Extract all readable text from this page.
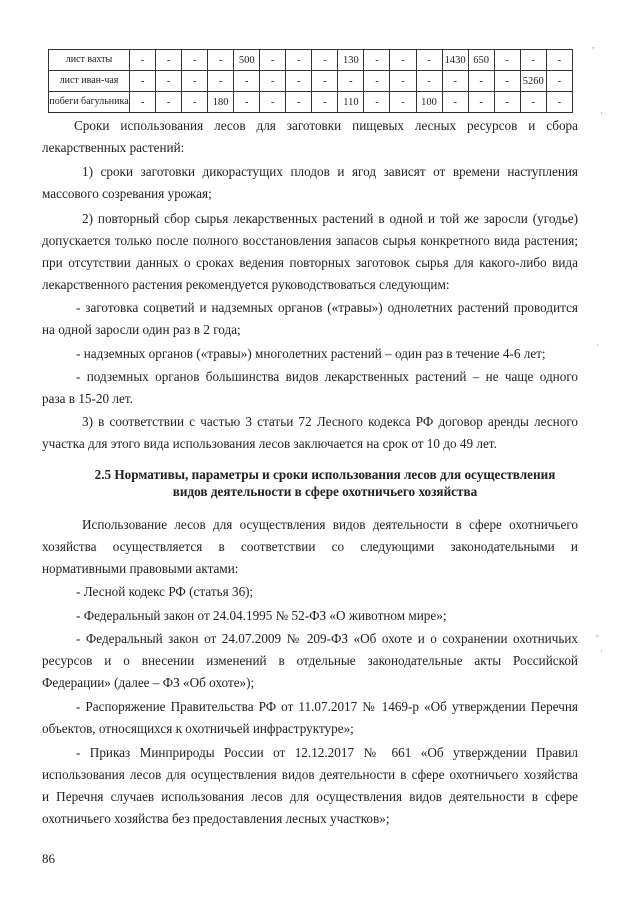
лист вахты	-	-	-	-	500	-	-	-	130	-	-	-	1430	650	-	-	-
лист иван-чая	-	-	-	-	-	-	-	-	-	-	-	-	-	-	-	5260	-
побеги багульника	-	-	-	180	-	-	-	-	110	-	-	100	-	-	-	-	-
Сроки использования лесов для заготовки пищевых лесных ресурсов и сбора
лекарственных растений:
1) сроки заготовки дикорастущих плодов и ягод зависят от времени наступления
массового созревания урожая;
2) повторный сбор сырья лекарственных растений в одной и той же заросли (угодье)
допускается только после полного восстановления запасов сырья конкретного вида растения;
при отсутствии данных о сроках ведения повторных заготовок сырья для какого-либо вида
лекарственного растения рекомендуется руководствоваться следующим:
- заготовка соцветий и надземных органов («травы») однолетних растений проводится
на одной заросли один раз в 2 года;
- надземных органов («травы») многолетних растений – один раз в течение 4-6 лет;
- подземных органов большинства видов лекарственных растений – не чаще одного
раза в 15-20 лет.
3) в соответствии с частью 3 статьи 72 Лесного кодекса РФ договор аренды лесного
участка для этого вида использования лесов заключается на срок от 10 до 49 лет.
2.5 Нормативы, параметры и сроки использования лесов для осуществления
видов деятельности в сфере охотничьего хозяйства
Использование лесов для осуществления видов деятельности в сфере охотничьего
хозяйства осуществляется в соответствии со следующими законодательными и
нормативными правовыми актами:
- Лесной кодекс РФ (статья 36);
- Федеральный закон от 24.04.1995 № 52-ФЗ «О животном мире»;
- Федеральный закон от 24.07.2009 № 209-ФЗ «Об охоте и о сохранении охотничьих
ресурсов и о внесении изменений в отдельные законодательные акты Российской
Федерации» (далее – ФЗ «Об охоте»);
- Распоряжение Правительства РФ от 11.07.2017 № 1469-р «Об утверждении Перечня
объектов, относящихся к охотничьей инфраструктуре»;
- Приказ Минприроды России от 12.12.2017 № 661 «Об утверждении Правил
использования лесов для осуществления видов деятельности в сфере охотничьего хозяйства
и Перечня случаев использования лесов для осуществления видов деятельности в сфере
охотничьего хозяйства без предоставления лесных участков»;
86
,
·
·
,
·
